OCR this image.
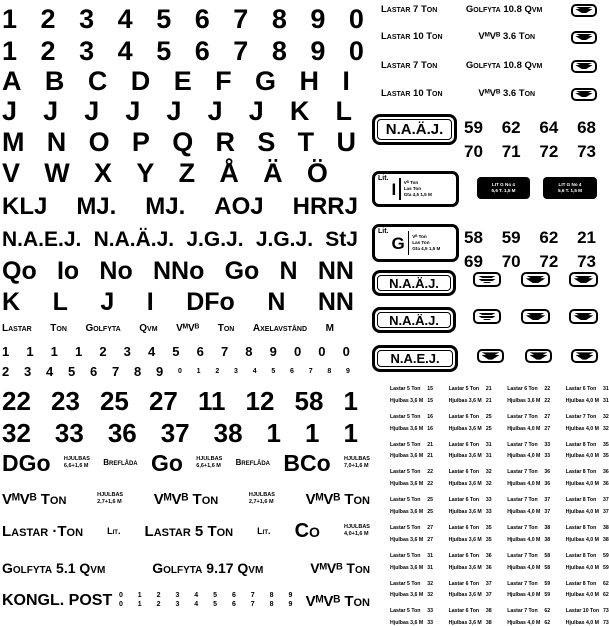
1 2 3 4 5 6 7 8 9 0
1 2 3 4 5 6 7 8 9 0
A B C D E F G H I
J J J J J J J K L
M N O P Q R S T U
V W X Y Z Å Ä Ö
KLJ MJ. MJ. AOJ HRRJ
N.A.E.J. N.A.Ä.J. J.G.J. J.G.J. StJ
Qo Io No NNo Go N NN
K L J I DFo N NN
Lastar Ton Golfyta Qvm VᴹVᴮ Ton Axelavstånd M
1 1 1 1 2 3 4 5 6 7 8 9 0 0 0
2 3 4 5 6 7 8 9 0 1 2 3 4 5 6 7 8 9
22 23 25 27 11 12 58 1
32 33 36 37 38 1 1 1
DGo HJULBAS
6,6+1,6 M Breflåda Go HJULBAS
6,6+1,6 M Breflåda BCo HJULBAS
7,0+1,6 M
VᴹVᴮ Ton	HJULBAS
2,7+1,6 M VᴹVᴮ Ton	HJULBAS
2,7+1,6 M VᴹVᴮ Ton
Lastar ·Ton	Lit. Lastar 5 Ton	Lit. Co	HJULBAS
4,0+1,6 M
Golfyta 5.1 Qvm	Golfyta 9.17 Qvm	VᴹVᴮ Ton
KONGL. POST 0 1 2 3 4 5 6 7 8 9
0 1 2 3 4 5 6 7 8 9 VᴹVᴮ Ton
Lastar 7 Ton	Golfyta 10.8 Qvm
Lastar 10 Ton	VᴹVᴮ 3.6 Ton
Lastar 7 Ton	Golfyta 10.8 Qvm
Lastar 10 Ton	VᴹVᴮ 3.6 Ton
N.A.Ä.J. 59 62 64 68
70 71 72 73
Lit.
I Vᴮ Ton
Las Ton
Gta 4,5 1,5 M
LIT G No 4
5,6 T. 1,5 M
LIT G No 4
5,6 T. 1,5 M
Lit.
G Vᴮ Ton
Las Ton
Gta 4,5 1,5 M
58 59 62 21
69 70 72 73
N.A.Ä.J.
N.A.Ä.J.
N.A.E.J.
Lastar 5 Ton 15
Hjulbas 3,6 M 15
Lastar 5 Ton 21
Hjulbas 3,6 M 21
Lastar 6 Ton 22
Hjulbas 3,6 M 22
Lastar 6 Ton 31
Hjulbas 4,0 M 31
Lastar 5 Ton 16
Hjulbas 3,6 M 16
Lastar 6 Ton 25
Hjulbas 3,6 M 25
Lastar 7 Ton 27
Hjulbas 4,0 M 27
Lastar 7 Ton 32
Hjulbas 4,0 M 32
Lastar 5 Ton 21
Hjulbas 3,6 M 21
Lastar 6 Ton 31
Hjulbas 3,6 M 31
Lastar 7 Ton 33
Hjulbas 4,0 M 33
Lastar 8 Ton 35
Hjulbas 4,0 M 35
Lastar 5 Ton 22
Hjulbas 3,6 M 22
Lastar 6 Ton 32
Hjulbas 3,6 M 32
Lastar 7 Ton 36
Hjulbas 4,0 M 36
Lastar 8 Ton 36
Hjulbas 4,0 M 36
Lastar 5 Ton 25
Hjulbas 3,6 M 25
Lastar 6 Ton 33
Hjulbas 3,6 M 33
Lastar 7 Ton 37
Hjulbas 4,0 M 37
Lastar 8 Ton 37
Hjulbas 4,0 M 37
Lastar 5 Ton 27
Hjulbas 3,6 M 27
Lastar 6 Ton 35
Hjulbas 3,6 M 35
Lastar 7 Ton 38
Hjulbas 4,0 M 38
Lastar 8 Ton 38
Hjulbas 4,0 M 38
Lastar 5 Ton 31
Hjulbas 3,6 M 31
Lastar 6 Ton 36
Hjulbas 3,6 M 36
Lastar 7 Ton 58
Hjulbas 4,0 M 58
Lastar 8 Ton 59
Hjulbas 4,0 M 59
Lastar 5 Ton 32
Hjulbas 3,6 M 32
Lastar 6 Ton 37
Hjulbas 3,6 M 37
Lastar 7 Ton 59
Hjulbas 4,0 M 59
Lastar 8 Ton 62
Hjulbas 4,0 M 62
Lastar 5 Ton 33
Hjulbas 3,6 M 33
Lastar 6 Ton 38
Hjulbas 3,6 M 38
Lastar 7 Ton 62
Hjulbas 4,0 M 62
Lastar 10 Ton 73
Hjulbas 4,0 M 73
